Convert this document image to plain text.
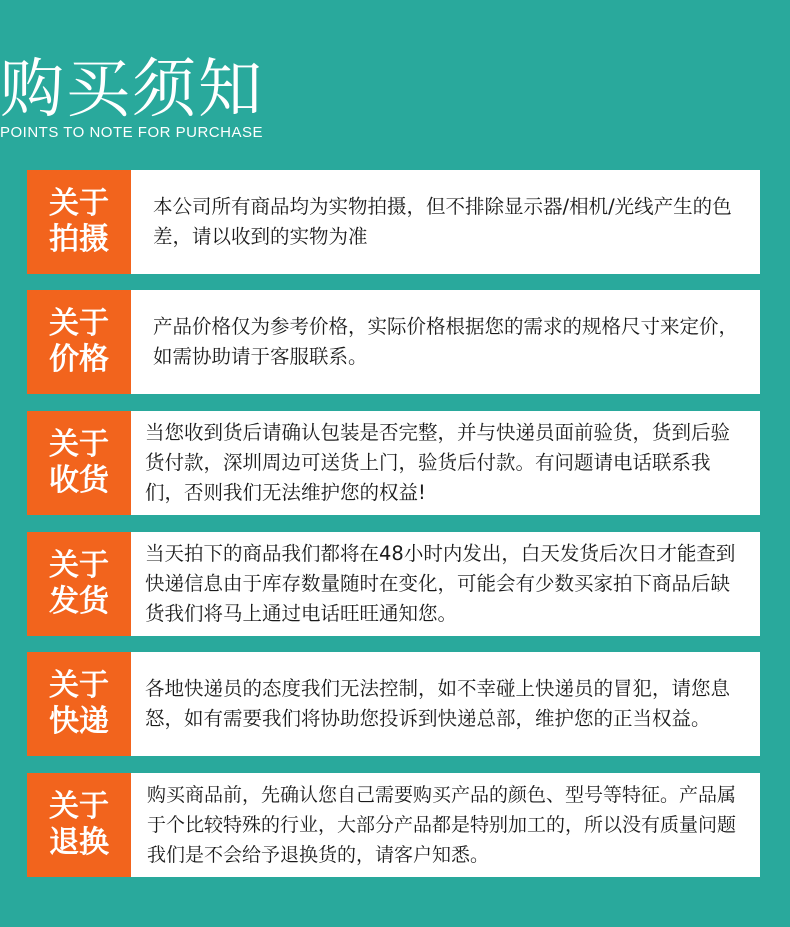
购买须知
POINTS TO NOTE FOR PURCHASE
关于
拍摄
本公司所有商品均为实物拍摄，但不排除显示器/相机/光线产生的色差，请以收到的实物为准
关于
价格
产品价格仅为参考价格，实际价格根据您的需求的规格尺寸来定价，如需协助请于客服联系。
关于
收货
当您收到货后请确认包装是否完整，并与快递员面前验货，货到后验货付款，深圳周边可送货上门，验货后付款。有问题请电话联系我们，否则我们无法维护您的权益!
关于
发货
当天拍下的商品我们都将在48小时内发出，白天发货后次日才能查到快递信息由于库存数量随时在变化，可能会有少数买家拍下商品后缺货我们将马上通过电话旺旺通知您。
关于
快递
各地快递员的态度我们无法控制，如不幸碰上快递员的冒犯，请您息怒，如有需要我们将协助您投诉到快递总部，维护您的正当权益。
关于
退换
购买商品前，先确认您自己需要购买产品的颜色、型号等特征。产品属于个比较特殊的行业，大部分产品都是特别加工的，所以没有质量问题我们是不会给予退换货的，请客户知悉。
